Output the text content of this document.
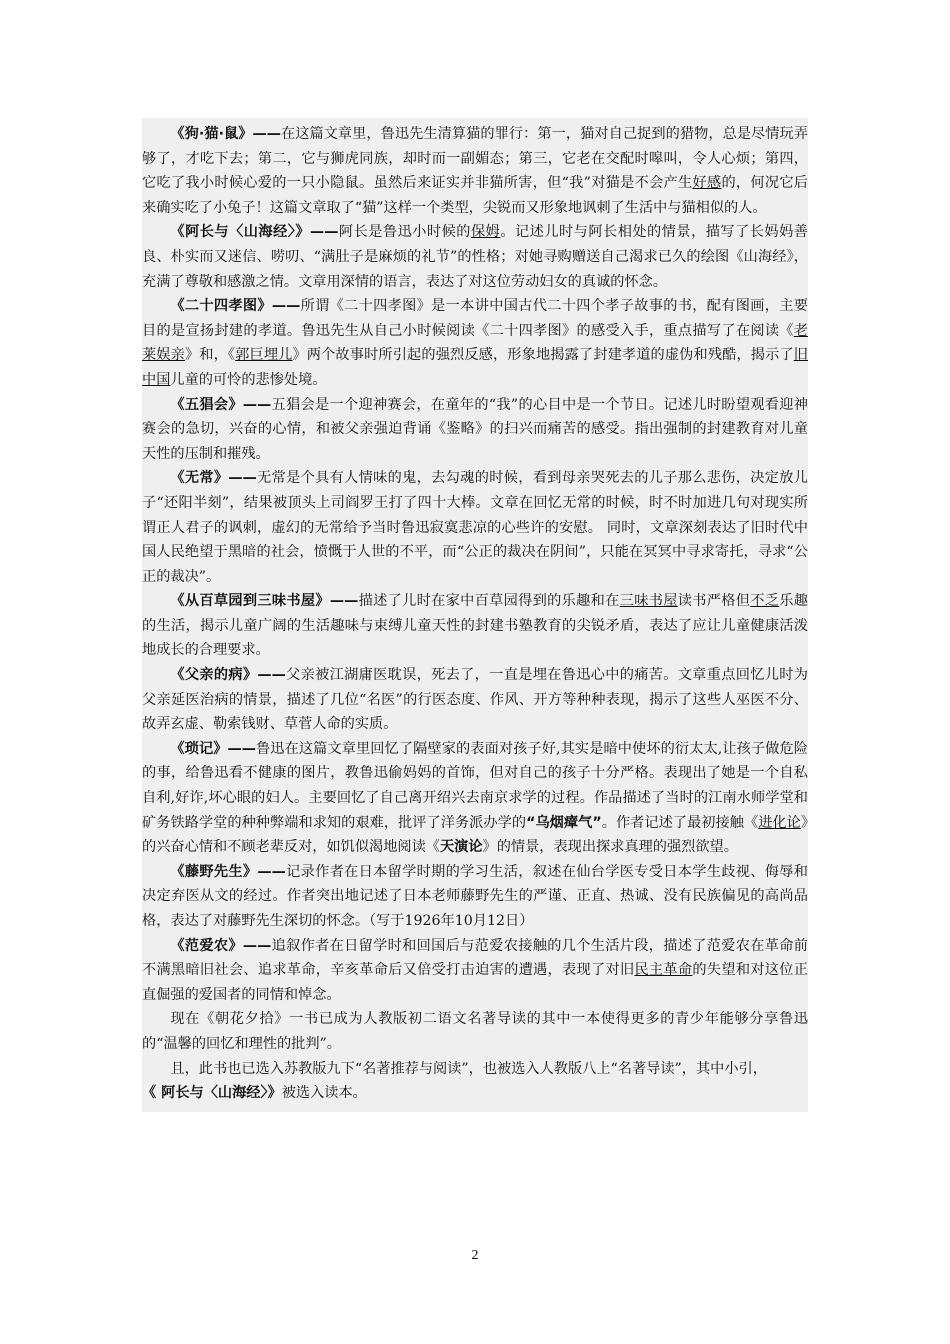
《狗·猫·鼠》——在这篇文章里，鲁迅先生清算猫的罪行：第一，猫对自己捉到的猎物，总是尽情玩弄够了，才吃下去；第二，它与狮虎同族，却时而一副媚态；第三，它老在交配时嗥叫，令人心烦；第四，它吃了我小时候心爱的一只小隐鼠。虽然后来证实并非猫所害，但“我”对猫是不会产生好感的，何况它后来确实吃了小兔子！这篇文章取了“猫”这样一个类型，尖锐而又形象地讽刺了生活中与猫相似的人。

《阿长与〈山海经〉》——阿长是鲁迅小时候的保姆。记述儿时与阿长相处的情景，描写了长妈妈善良、朴实而又迷信、唠叨、“满肚子是麻烦的礼节”的性格；对她寻购赠送自己渴求已久的绘图《山海经》，充满了尊敬和感激之情。文章用深情的语言，表达了对这位劳动妇女的真诚的怀念。

《二十四孝图》——所谓《二十四孝图》是一本讲中国古代二十四个孝子故事的书，配有图画，主要目的是宣扬封建的孝道。鲁迅先生从自己小时候阅读《二十四孝图》的感受入手，重点描写了在阅读《老莱娱亲》和，《郭巨埋儿》两个故事时所引起的强烈反感，形象地揭露了封建孝道的虚伪和残酷，揭示了旧中国儿童的可怜的悲惨处境。

《五猖会》——五猖会是一个迎神赛会，在童年的“我”的心目中是一个节日。记述儿时盼望观看迎神赛会的急切，兴奋的心情，和被父亲强迫背诵《鉴略》的扫兴而痛苦的感受。指出强制的封建教育对儿童天性的压制和摧残。

《无常》——无常是个具有人情味的鬼，去勾魂的时候，看到母亲哭死去的儿子那么悲伤，决定放儿子“还阳半刻”，结果被顶头上司阎罗王打了四十大棒。文章在回忆无常的时候，时不时加进几句对现实所谓正人君子的讽刺，虚幻的无常给予当时鲁迅寂寞悲凉的心些许的安慰。 同时，文章深刻表达了旧时代中国人民绝望于黑暗的社会，愤慨于人世的不平，而“公正的裁决在阴间”，只能在冥冥中寻求寄托，寻求“公正的裁决”。

《从百草园到三味书屋》——描述了儿时在家中百草园得到的乐趣和在三味书屋读书严格但不乏乐趣的生活，揭示儿童广阔的生活趣味与束缚儿童天性的封建书塾教育的尖锐矛盾，表达了应让儿童健康活泼地成长的合理要求。

《父亲的病》——父亲被江湖庸医耽误，死去了，一直是埋在鲁迅心中的痛苦。文章重点回忆儿时为父亲延医治病的情景，描述了几位“名医”的行医态度、作风、开方等种种表现，揭示了这些人巫医不分、故弄玄虚、勒索钱财、草菅人命的实质。

《琐记》——鲁迅在这篇文章里回忆了隔壁家的表面对孩子好,其实是暗中使坏的衍太太,让孩子做危险的事，给鲁迅看不健康的图片，教鲁迅偷妈妈的首饰，但对自己的孩子十分严格。表现出了她是一个自私自利,好诈,坏心眼的妇人。主要回忆了自己离开绍兴去南京求学的过程。作品描述了当时的江南水师学堂和矿务铁路学堂的种种弊端和求知的艰难，批评了洋务派办学的“乌烟瘴气”。作者记述了最初接触《进化论》的兴奋心情和不顾老辈反对，如饥似渴地阅读《天演论》的情景，表现出探求真理的强烈欲望。

《藤野先生》——记录作者在日本留学时期的学习生活，叙述在仙台学医专受日本学生歧视、侮辱和决定弃医从文的经过。作者突出地记述了日本老师藤野先生的严谨、正直、热诚、没有民族偏见的高尚品格，表达了对藤野先生深切的怀念。（写于1926年10月12日）

《范爱农》——追叙作者在日留学时和回国后与范爱农接触的几个生活片段，描述了范爱农在革命前不满黑暗旧社会、追求革命，辛亥革命后又倍受打击迫害的遭遇，表现了对旧民主革命的失望和对这位正直倔强的爱国者的同情和悼念。

现在《朝花夕拾》一书已成为人教版初二语文名著导读的其中一本使得更多的青少年能够分享鲁迅的“温馨的回忆和理性的批判”。

且，此书也已选入苏教版九下“名著推荐与阅读”，也被选入人教版八上“名著导读”，其中小引，

《 阿长与〈山海经〉》被选入读本。

2
